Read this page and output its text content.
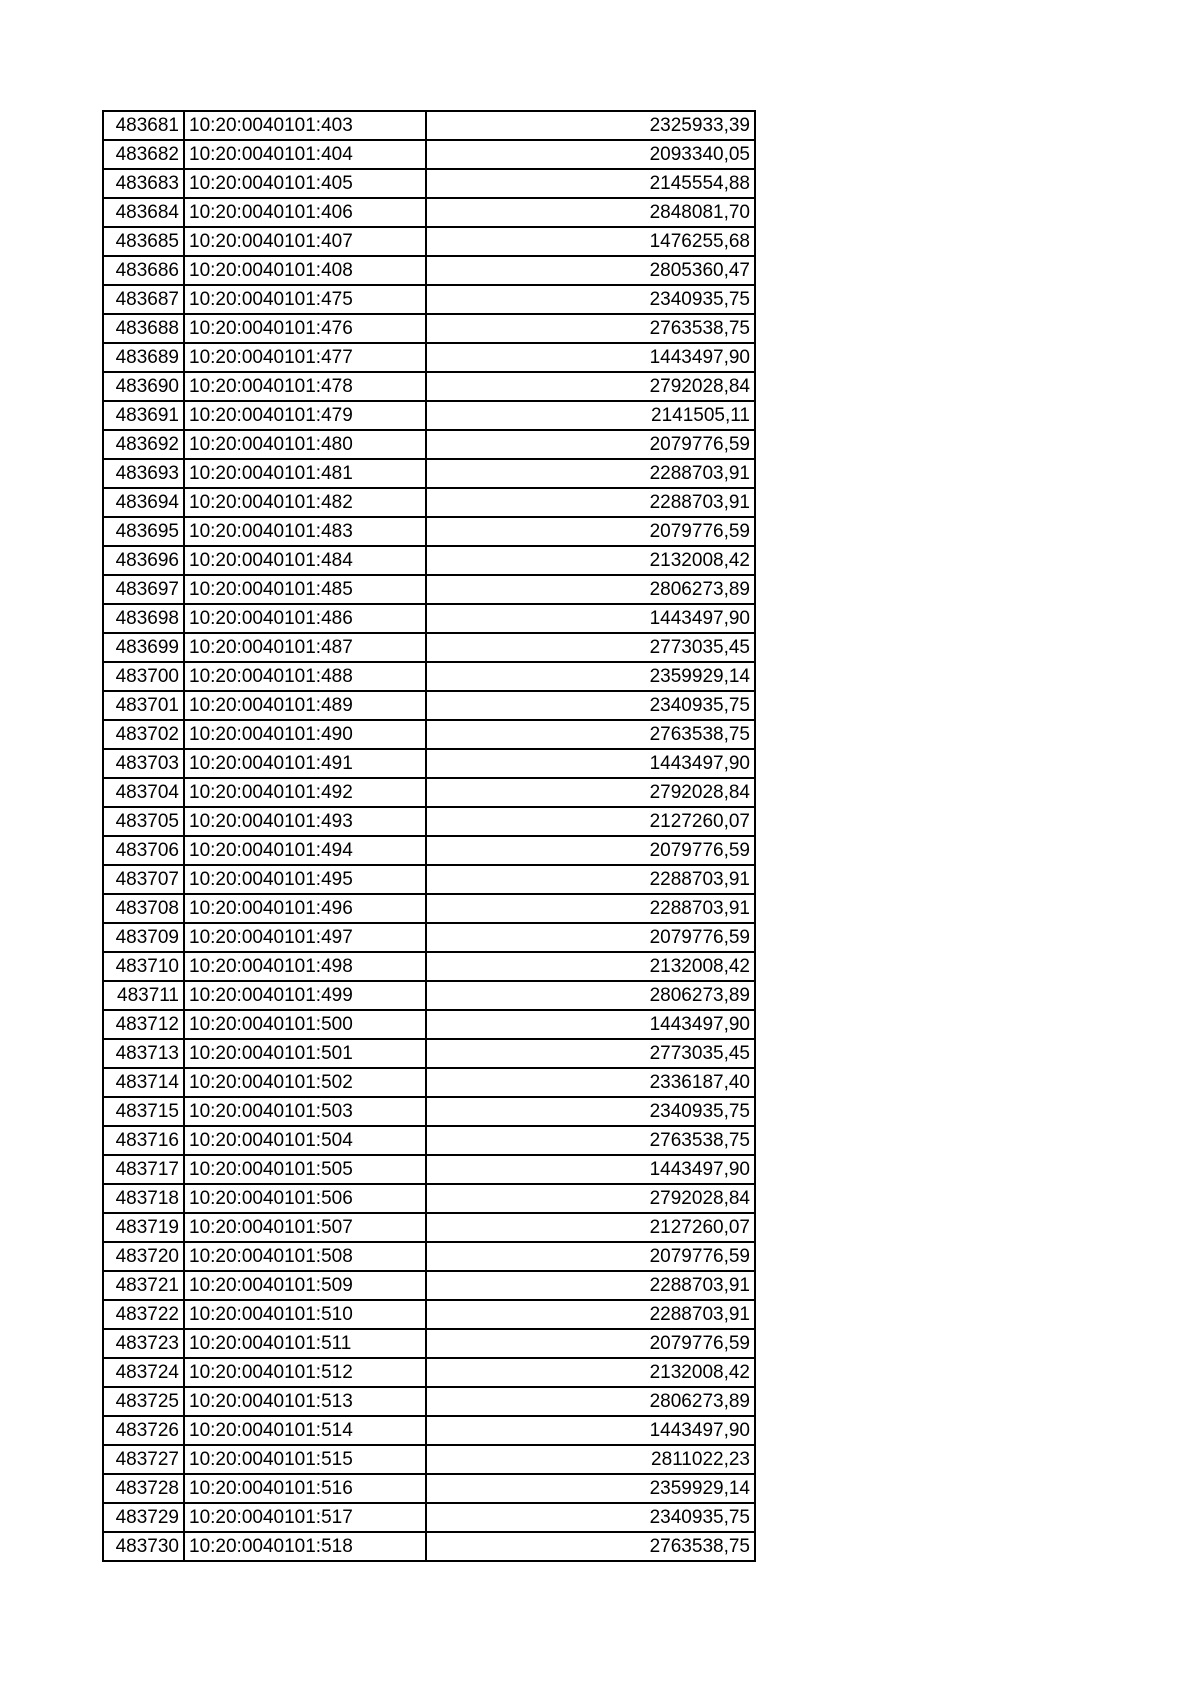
483681	10:20:0040101:403	2325933,39
483682	10:20:0040101:404	2093340,05
483683	10:20:0040101:405	2145554,88
483684	10:20:0040101:406	2848081,70
483685	10:20:0040101:407	1476255,68
483686	10:20:0040101:408	2805360,47
483687	10:20:0040101:475	2340935,75
483688	10:20:0040101:476	2763538,75
483689	10:20:0040101:477	1443497,90
483690	10:20:0040101:478	2792028,84
483691	10:20:0040101:479	2141505,11
483692	10:20:0040101:480	2079776,59
483693	10:20:0040101:481	2288703,91
483694	10:20:0040101:482	2288703,91
483695	10:20:0040101:483	2079776,59
483696	10:20:0040101:484	2132008,42
483697	10:20:0040101:485	2806273,89
483698	10:20:0040101:486	1443497,90
483699	10:20:0040101:487	2773035,45
483700	10:20:0040101:488	2359929,14
483701	10:20:0040101:489	2340935,75
483702	10:20:0040101:490	2763538,75
483703	10:20:0040101:491	1443497,90
483704	10:20:0040101:492	2792028,84
483705	10:20:0040101:493	2127260,07
483706	10:20:0040101:494	2079776,59
483707	10:20:0040101:495	2288703,91
483708	10:20:0040101:496	2288703,91
483709	10:20:0040101:497	2079776,59
483710	10:20:0040101:498	2132008,42
483711	10:20:0040101:499	2806273,89
483712	10:20:0040101:500	1443497,90
483713	10:20:0040101:501	2773035,45
483714	10:20:0040101:502	2336187,40
483715	10:20:0040101:503	2340935,75
483716	10:20:0040101:504	2763538,75
483717	10:20:0040101:505	1443497,90
483718	10:20:0040101:506	2792028,84
483719	10:20:0040101:507	2127260,07
483720	10:20:0040101:508	2079776,59
483721	10:20:0040101:509	2288703,91
483722	10:20:0040101:510	2288703,91
483723	10:20:0040101:511	2079776,59
483724	10:20:0040101:512	2132008,42
483725	10:20:0040101:513	2806273,89
483726	10:20:0040101:514	1443497,90
483727	10:20:0040101:515	2811022,23
483728	10:20:0040101:516	2359929,14
483729	10:20:0040101:517	2340935,75
483730	10:20:0040101:518	2763538,75
